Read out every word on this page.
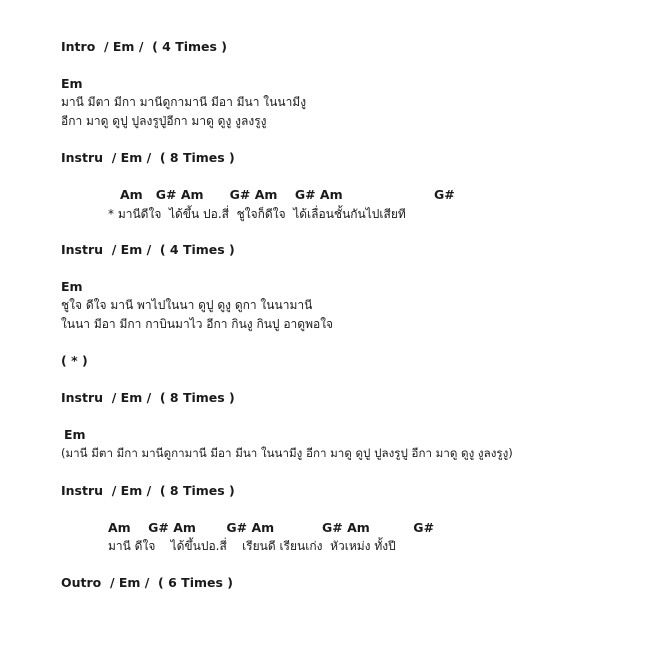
Intro  / Em /  ( 4 Times )
Em
มานี มีตา มีกา มานีดูกามานี มีอา มีนา ในนามีงู
อีกา มาดู ดูปู ปูลงรูปู่อีกา มาดู ดูงู งูลงรูงู
Instru  / Em /  ( 8 Times )
Am   G# Am      G# Am    G# Am                     G#
* มานีดีใจ  ได้ขึ้น ปอ.สี่  ชูใจก็ดีใจ  ได้เลื่อนชั้นกันไปเสียที
Instru  / Em /  ( 4 Times )
Em
ชูใจ ดีใจ มานี พาไปในนา ดูปู ดูงู ดูกา ในนามานี
ในนา มีอา มีกา กาบินมาไว อีกา กินงู กินปู อาดูพอใจ
( * )
Instru  / Em /  ( 8 Times )
Em
(มานี มีตา มีกา มานีดูกามานี มีอา มีนา ในนามีงู อีกา มาดู ดูปู ปูลงรูปู อีกา มาดู ดูงู งูลงรูงู)
Instru  / Em /  ( 8 Times )
Am    G# Am       G# Am           G# Am          G#
มานี ดีใจ    ได้ขึ้นปอ.สี่    เรียนดี เรียนเก่ง  หัวเหม่ง ทั้งปี
Outro  / Em /  ( 6 Times )
